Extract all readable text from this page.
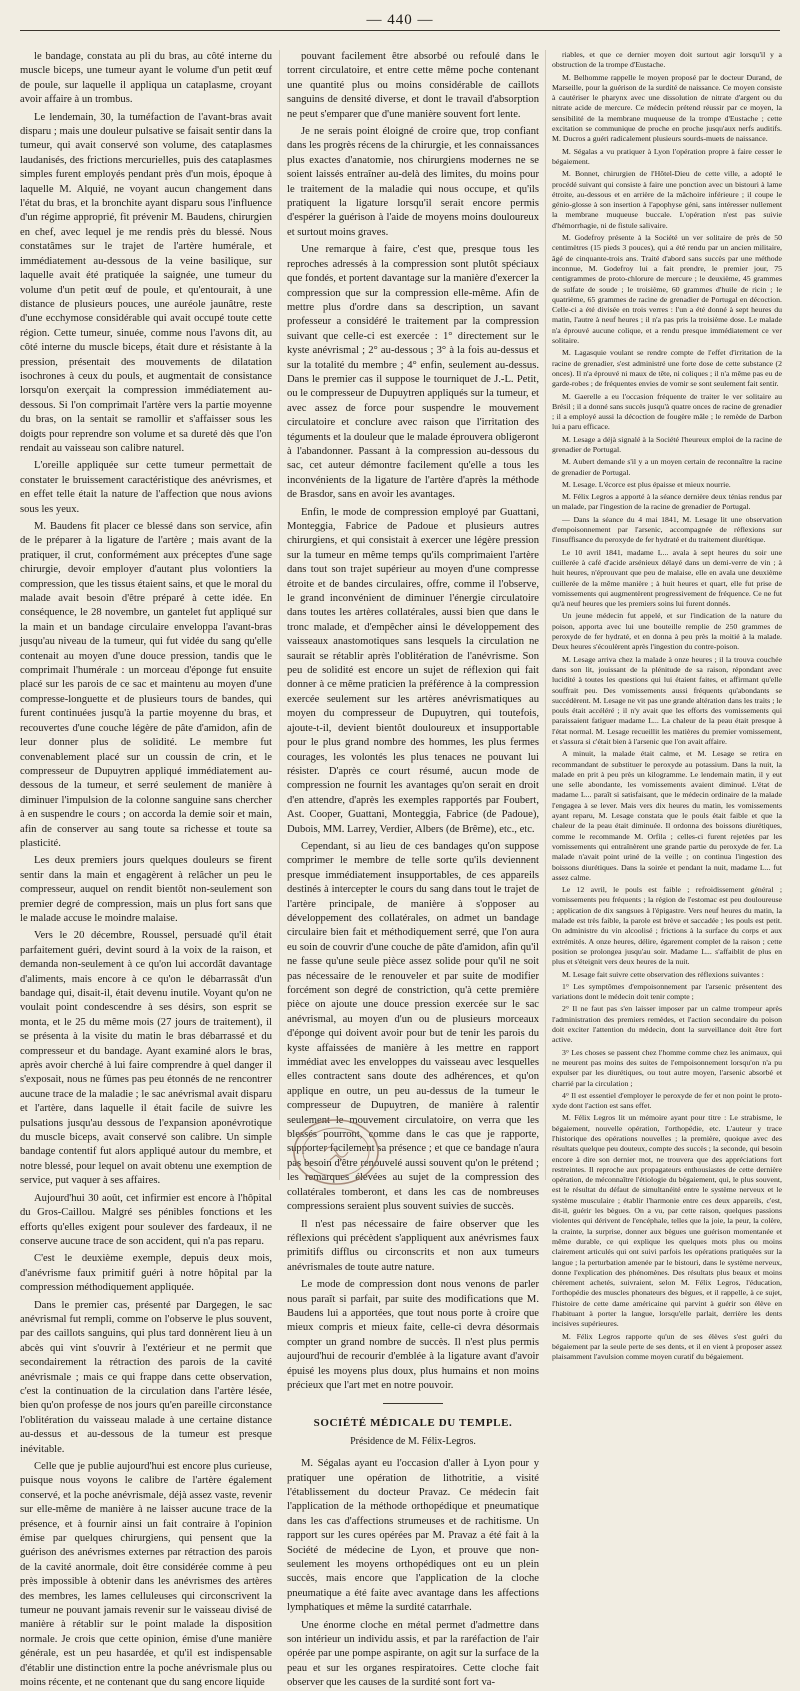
— 440 —

le bandage, constata au pli du bras, au côté interne du muscle biceps, une tumeur ayant le volume d'un petit œuf de poule, sur laquelle il appliqua un cataplasme, croyant avoir affaire à un trombus.

Le lendemain, 30, la tuméfaction de l'avant-bras avait disparu ; mais une douleur pulsative se faisait sentir dans la tumeur, qui avait conservé son volume, des cataplasmes laudanisés, des frictions mercurielles, puis des cataplasmes simples furent employés pendant près d'un mois, époque à laquelle M. Alquié, ne voyant aucun changement dans l'état du bras, et la bronchite ayant disparu sous l'influence d'un régime approprié, fit prévenir M. Baudens, chirurgien en chef, avec lequel je me rendis près du blessé. Nous constatâmes sur le trajet de l'artère humérale, et immédiatement au-dessous de la veine basilique, sur laquelle avait été pratiquée la saignée, une tumeur du volume d'un petit œuf de poule, et qu'entourait, à une distance de plusieurs pouces, une auréole jaunâtre, reste d'une ecchymose considérable qui avait occupé toute cette région. Cette tumeur, sinuée, comme nous l'avons dit, au côté interne du muscle biceps, était dure et résistante à la pression, présentait des mouvements de dilatation isochrones à ceux du pouls, et augmentait de consistance lorsqu'on exerçait la compression immédiatement au-dessous. Si l'on comprimait l'artère vers la partie moyenne du bras, on la sentait se ramollir et s'affaisser sous les doigts pour reprendre son volume et sa dureté dès que l'on rendait au vaisseau son calibre naturel.

L'oreille appliquée sur cette tumeur permettait de constater le bruissement caractéristique des anévrismes, et en effet telle était la nature de l'affection que nous avions sous les yeux.

M. Baudens fit placer ce blessé dans son service, afin de le préparer à la ligature de l'artère ; mais avant de la pratiquer, il crut, conformément aux préceptes d'une sage chirurgie, devoir employer d'autant plus volontiers la compression, que les tissus étaient sains, et que le moral du malade avait besoin d'être préparé à cette idée. En conséquence, le 28 novembre, un gantelet fut appliqué sur la main et un bandage circulaire enveloppa l'avant-bras jusqu'au niveau de la tumeur, qui fut vidée du sang qu'elle contenait au moyen d'une douce pression, tandis que le comprimait l'humérale : un morceau d'éponge fut ensuite placé sur les parois de ce sac et maintenu au moyen d'une compresse-longuette et de plusieurs tours de bandes, qui furent continuées jusqu'à la partie moyenne du bras, et recouvertes d'une couche légère de pâte d'amidon, afin de leur donner plus de solidité. Le membre fut convenablement placé sur un coussin de crin, et le compresseur de Dupuytren appliqué immédiatement au-dessous de la tumeur, et serré seulement de manière à diminuer l'impulsion de la colonne sanguine sans chercher à en suspendre le cours ; on accorda la demie soir et main, afin de conserver au sang toute sa richesse et toute sa plasticité.

Les deux premiers jours quelques douleurs se firent sentir dans la main et engagèrent à relâcher un peu le compresseur, auquel on rendit bientôt non-seulement son premier degré de compression, mais un plus fort sans que le malade accuse le moindre malaise.

Vers le 20 décembre, Roussel, persuadé qu'il était parfaitement guéri, devint sourd à la voix de la raison, et demanda non-seulement à ce qu'on lui accordât davantage d'aliments, mais encore à ce qu'on le débarrassât d'un bandage qui, disait-il, était devenu inutile. Voyant qu'on ne voulait point condescendre à ses désirs, son esprit se monta, et le 25 du même mois (27 jours de traitement), il se présenta à la visite du matin le bras débarrassé et du compresseur et du bandage. Ayant examiné alors le bras, après avoir cherché à lui faire comprendre à quel danger il s'exposait, nous ne fûmes pas peu étonnés de ne rencontrer aucune trace de la maladie ; le sac anévrismal avait disparu et l'artère, dans laquelle il était facile de suivre les pulsations jusqu'au dessous de l'expansion aponévrotique du muscle biceps, avait conservé son calibre. Un simple bandage contentif fut alors appliqué autour du membre, et notre blessé, pour lequel on avait obtenu une exemption de service, put vaquer à ses affaires.

Aujourd'hui 30 août, cet infirmier est encore à l'hôpital du Gros-Caillou. Malgré ses pénibles fonctions et les efforts qu'elles exigent pour soulever des fardeaux, il ne conserve aucune trace de son accident, qui n'a pas reparu.

C'est le deuxième exemple, depuis deux mois, d'anévrisme faux primitif guéri à notre hôpital par la compression méthodiquement appliquée.

Dans le premier cas, présenté par Dargegen, le sac anévrismal fut rempli, comme on l'observe le plus souvent, par des caillots sanguins, qui plus tard donnèrent lieu à un abcès qui vint s'ouvrir à l'extérieur et ne permit que secondairement la rétraction des parois de la cavité anévrismale ; mais ce qui frappe dans cette observation, c'est la continuation de la circulation dans l'artère lésée, bien qu'on profesșe de nos jours qu'en pareille circonstance l'oblitération du vaisseau malade à une certaine distance au-dessus et au-dessous de la tumeur est presque inévitable.

Celle que je publie aujourd'hui est encore plus curieuse, puisque nous voyons le calibre de l'artère également conservé, et la poche anévrismale, déjà assez vaste, revenir sur elle-même de manière à ne laisser aucune trace de la présence, et à fournir ainsi un fait contraire à l'opinion émise par quelques chirurgiens, qui pensent que la guérison des anévrismes externes par rétraction des parois de la cavité anormale, doit être considérée comme à peu près impossible à obtenir dans les anévrismes des artères des membres, les lames celluleuses qui circonscrivent la tumeur ne pouvant jamais revenir sur le vaisseau divisé de manière à rétablir sur le point malade la disposition normale. Je crois que cette opinion, émise d'une manière générale, est un peu hasardée, et qu'il est indispensable d'établir une distinction entre la poche anévrismale plus ou moins récente, et ne contenant que du sang encore liquide

pouvant facilement être absorbé ou refoulé dans le torrent circulatoire, et entre cette même poche contenant une quantité plus ou moins considérable de caillots sanguins de densité diverse, et dont le travail d'absorption ne peut s'emparer que d'une manière souvent fort lente.

Je ne serais point éloigné de croire que, trop confiant dans les progrès récens de la chirurgie, et les connaissances plus exactes d'anatomie, nos chirurgiens modernes ne se soient laissés entraîner au-delà des limites, du moins pour le traitement de la maladie qui nous occupe, et qu'ils pratiquent la ligature lorsqu'il serait encore permis d'espérer la guérison à l'aide de moyens moins douloureux et surtout moins graves.

Une remarque à faire, c'est que, presque tous les reproches adressés à la compression sont plutôt spéciaux que fondés, et portent davantage sur la manière d'exercer la compression que sur la compression elle-même. Afin de mettre plus d'ordre dans sa description, un savant professeur a considéré le traitement par la compression suivant que celle-ci est exercée : 1° directement sur le kyste anévrismal ; 2° au-dessous ; 3° à la fois au-dessus et sur la totalité du membre ; 4° enfin, seulement au-dessus. Dans le premier cas il suppose le tourniquet de J.-L. Petit, ou le compresseur de Dupuytren appliqués sur la tumeur, et avec assez de force pour suspendre le mouvement circulatoire et conclure avec raison que l'irritation des téguments et la douleur que le malade éprouvera obligeront à l'abandonner. Passant à la compression au-dessous du sac, cet auteur démontre facilement qu'elle a tous les inconvénients de la ligature de l'artère d'après la méthode de Brasdor, sans en avoir les avantages.

Enfin, le mode de compression employé par Guattani, Monteggia, Fabrice de Padoue et plusieurs autres chirurgiens, et qui consistait à exercer une légère pression sur la tumeur en même temps qu'ils comprimaient l'artère dans tout son trajet supérieur au moyen d'une compresse étroite et de bandes circulaires, offre, comme il l'observe, le grand inconvénient de diminuer l'énergie circulatoire dans toutes les artères collatérales, aussi bien que dans le tronc malade, et d'empêcher ainsi le développement des vaisseaux anastomotiques sans lesquels la circulation ne saurait se rétablir après l'oblitération de l'anévrisme. Son peu de solidité est encore un sujet de réflexion qui fait donner à ce même praticien la préférence à la compression exercée seulement sur les artères anévrismatiques au moyen du compresseur de Dupuytren, qui toutefois, ajoute-t-il, devient bientôt douloureux et insupportable pour le plus grand nombre des hommes, les plus fermes courages, les volontés les plus tenaces ne pouvant lui résister. D'après ce court résumé, aucun mode de compression ne fournit les avantages qu'on serait en droit d'en attendre, d'après les exemples rapportés par Foubert, Ast. Cooper, Guattani, Monteggia, Fabrice (de Padoue), Dubois, MM. Larrey, Verdier, Albers (de Brême), etc., etc.

Cependant, si au lieu de ces bandages qu'on suppose comprimer le membre de telle sorte qu'ils deviennent presque immédiatement insupportables, de ces appareils destinés à intercepter le cours du sang dans tout le trajet de l'artère principale, de manière à s'opposer au développement des collatérales, on admet un bandage circulaire bien fait et méthodiquement serré, que l'on aura eu soin de couvrir d'une couche de pâte d'amidon, afin qu'il ne fasse qu'une seule pièce assez solide pour qu'il ne soit pas nécessaire de le renouveler et par suite de modifier forcément son degré de constriction, qu'à cette première pièce on ajoute une douce pression exercée sur le sac anévrismal, au moyen d'un ou de plusieurs morceaux d'éponge qui doivent avoir pour but de tenir les parois du kyste affaissées de manière à les mettre en rapport immédiat avec les enveloppes du vaisseau avec lesquelles elles contractent sans doute des adhérences, et qu'on applique en outre, un peu au-dessus de la tumeur le compresseur de Dupuytren, de manière à ralentir seulement le mouvement circulatoire, on verra que les blessés pourront, comme dans le cas que je rapporte, supporter facilement sa présence ; et que ce bandage n'aura pas besoin d'être renouvelé aussi souvent qu'on le prétend ; les remarques élevées au sujet de la compression des collatérales tomberont, et dans les cas de nombreuses compressions seraient plus souvent suivies de succès.

Il n'est pas nécessaire de faire observer que les réflexions qui précèdent s'appliquent aux anévrismes faux primitifs difflus ou circonscrits et non aux tumeurs anévrismales de toute autre nature.

Le mode de compression dont nous venons de parler nous paraît si parfait, par suite des modifications que M. Baudens lui a apportées, que tout nous porte à croire que mieux compris et mieux faite, celle-ci devra désormais compter un grand nombre de succès. Il n'est plus permis aujourd'hui de recourir d'emblée à la ligature avant d'avoir épuisé les moyens plus doux, plus humains et non moins précieux que l'art met en notre pouvoir.

SOCIÉTÉ MÉDICALE DU TEMPLE.
Présidence de M. Félix-Legros.

M. Ségalas ayant eu l'occasion d'aller à Lyon pour y pratiquer une opération de lithotritie, a visité l'établissement du docteur Pravaz. Ce médecin fait l'application de la méthode orthopédique et pneumatique dans les cas d'affections strumeuses et de rachitisme. Un rapport sur les cures opérées par M. Pravaz a été fait à la Société de médecine de Lyon, et prouve que non-seulement les moyens orthopédiques ont eu un plein succès, mais encore que l'application de la cloche pneumatique a été faite avec avantage dans les affections lymphatiques et même la surdité catarrhale.

Une énorme cloche en métal permet d'admettre dans son intérieur un individu assis, et par la raréfaction de l'air opérée par une pompe aspirante, on agit sur la surface de la peau et sur les organes respiratoires. Cette cloche fait observer que les causes de la surdité sont fort va-

riables, et que ce dernier moyen doit surtout agir lorsqu'il y a obstruction de la trompe d'Eustache.

M. Belhomme rappelle le moyen proposé par le docteur Durand, de Marseille, pour la guérison de la surdité de naissance. Ce moyen consiste à cautériser le pharynx avec une dissolution de nitrate d'argent ou du nitrate acide de mercure. Ce médecin prétend réussir par ce moyen, la sensibilité de la membrane muqueuse de la trompe d'Eustache ; cette excitation se communique de proche en proche jusqu'aux nerfs auditifs. M. Ducros a guéri radicalement plusieurs sourds-muets de naissance.

M. Ségalas a vu pratiquer à Lyon l'opération propre à faire cesser le bégaiement.

M. Bonnet, chirurgien de l'Hôtel-Dieu de cette ville, a adopté le procédé suivant qui consiste à faire une ponction avec un bistouri à lame étroite, au-dessous et en arrière de la mâchoire inférieure ; il coupe le génio-glosse à son insertion à l'apophyse géni, sans intéresser nullement la membrane muqueuse buccale. L'opération n'est pas suivie d'hémorrhagie, ni de fistule salivaire.

M. Godefroy présente à la Société un ver solitaire de près de 50 centimètres (15 pieds 3 pouces), qui a été rendu par un ancien militaire, âgé de cinquante-trois ans. Traité d'abord sans succès par une méthode inconnue, M. Godefroy lui a fait prendre, le premier jour, 75 centigrammes de proto-chlorure de mercure ; le deuxième, 45 grammes de sulfate de soude ; le troisième, 60 grammes d'huile de ricin ; le quatrième, 65 grammes de racine de grenadier de Portugal en décoction. Celle-ci a été divisée en trois verres : l'un a été donné à sept heures du matin, l'autre à neuf heures ; il n'a pas pris la troisième dose. Le malade n'a éprouvé aucune colique, et a rendu presque immédiatement ce ver solitaire.

M. Lagasquie voulant se rendre compte de l'effet d'irritation de la racine de grenadier, s'est administré une forte dose de cette substance (2 onces). Il n'a éprouvé ni maux de tête, ni coliques ; il n'a même pas eu de garde-robes ; de fréquentes envies de vomir se sont seulement fait sentir.

M. Gaerelle a eu l'occasion fréquente de traiter le ver solitaire au Brésil ; il a donné sans succès jusqu'à quatre onces de racine de grenadier ; il a employé aussi la décoction de fougère mâle ; le remède de Darbon lui a paru efficace.

M. Lesage a déjà signalé à la Société l'heureux emploi de la racine de grenadier de Portugal.

M. Aubert demande s'il y a un moyen certain de reconnaître la racine de grenadier de Portugal.

M. Lesage. L'écorce est plus épaisse et mieux nourrie.

M. Félix Legros a apporté à la séance dernière deux ténias rendus par un malade, par l'ingestion de la racine de grenadier de Portugal.

— Dans la séance du 4 mai 1841, M. Lesage lit une observation d'empoisonnement par l'arsenic, accompagnée de réflexions sur l'insuffisance du peroxyde de fer hydraté et du traitement diurétique.

Le 10 avril 1841, madame L... avala à sept heures du soir une cuillerée à café d'acide arsénieux délayé dans un demi-verre de vin ; à huit heures, n'éprouvant que peu de malaise, elle en avala une deuxième cuillerée de la même manière ; à huit heures et quart, elle fut prise de vomissements qui augmentèrent progressivement de fréquence. Ce ne fut qu'à neuf heures que les premiers soins lui furent donnés.

Un jeune médecin fut appelé, et sur l'indication de la nature du poison, apporta avec lui une bouteille remplie de 250 grammes de peroxyde de fer hydraté, et en donna à peu près la moitié à la malade. Deux heures s'écoulèrent après l'ingestion du contre-poison.

M. Lesage arriva chez la malade à onze heures ; il la trouva couchée dans son lit, jouissant de la plénitude de sa raison, répondant avec lucidité à toutes les questions qui lui étaient faites, et affirmant qu'elle souffrait peu. Des vomissements aussi fréquents qu'abondants se succédèrent. M. Lesage ne vit pas une grande altération dans les traits ; le pouls était accéléré ; il n'y avait que les efforts des vomissements qui paraissaient fatiguer madame L... La chaleur de la peau était presque à l'état normal. M. Lesage recueillit les matières du premier vomissement, et s'assura si c'était bien à l'arsenic que l'on avait affaire.

A minuit, la malade était calme, et M. Lesage se retira en recommandant de substituer le peroxyde au potassium. Dans la nuit, la malade en prit à peu près un kilogramme. Le lendemain matin, il y eut une selle abondante, les vomissements avaient diminué. L'état de madame L... paraît si satisfaisant, que le médecin ordinaire de la malade l'engagea à se lever. Mais vers dix heures du matin, les vomissements ayant reparu, M. Lesage constata que le pouls était faible et que la chaleur de la peau était diminuée. Il ordonna des boissons diurétiques, comme le recommande M. Orfila ; celles-ci furent rejetées par les vomissements qui entraînèrent une grande partie du peroxyde de fer. La malade n'avait point uriné de la veille ; on continua l'ingestion des boissons diurétiques. Dans la soirée et pendant la nuit, madame L... fut assez calme.

Le 12 avril, le pouls est faible ; refroidissement général ; vomissements peu fréquents ; la région de l'estomac est peu douloureuse ; application de dix sangsues à l'épigastre. Vers neuf heures du matin, la malade est très faible, la parole est brève et saccadée ; les pouls est petit. On administre du vin alcoolisé ; frictions à la surface du corps et aux extrémités. A onze heures, délire, égarement complet de la raison ; cette position se prolongea jusqu'au soir. Madame L... s'affaiblit de plus en plus et s'éteignit vers deux heures de la nuit.

M. Lesage fait suivre cette observation des réflexions suivantes :

1° Les symptômes d'empoisonnement par l'arsenic présentent des variations dont le médecin doit tenir compte ;

2° Il ne faut pas s'en laisser imposer par un calme trompeur après l'administration des premiers remèdes, et l'action secondaire du poison doit exciter l'attention du médecin, dont la surveillance doit être fort active.

3° Les choses se passent chez l'homme comme chez les animaux, qui ne meurent pas moins des suites de l'empoisonnement lorsqu'on n'a pu expulser par les diurétiques, ou tout autre moyen, l'arsenic absorbé et charrié par la circulation ;

4° Il est essentiel d'employer le peroxyde de fer et non point le proto-xyde dont l'action est sans effet.

M. Félix Legros lit un mémoire ayant pour titre : Le strabisme, le bégaiement, nouvelle opération, l'orthopédie, etc. L'auteur y trace l'historique des opérations nouvelles ; la première, quoique avec des résultats quelque peu douteux, compte des succès ; la seconde, qui besoin encore à dire son dernier mot, ne trouvera que des appréciations fort restreintes. Il reproche aux propagateurs enthousiastes de cette dernière opération, de méconnaître l'étiologie du bégaiement, qui, le plus souvent, est le résultat du défaut de simultanéité entre le système nerveux et le système musculaire ; établir l'harmonie entre ces deux appareils, c'est, dit-il, guérir les bègues. On a vu, par cette raison, quelques passions violentes qui dérivent de l'encéphale, telles que la joie, la peur, la colère, la crainte, la surprise, donner aux bègues une guérison momentanée et même durable, ce qui explique les quelques mots plus ou moins clairement articulés qui ont suivi parfois les opérations pratiquées sur la langue ; la perturbation amenée par le bistouri, dans le système nerveux, donne l'explication des phénomènes. Des résultats plus beaux et moins chèrement achetés, suivraient, selon M. Félix Legros, l'éducation, l'orthopédie des muscles phonateurs des bègues, et il rappelle, à ce sujet, l'histoire de cette dame américaine qui parvint à guérir son élève en l'habituant à porter la langue, lorsqu'elle parlait, derrière les dents incisives supérieures.

M. Félix Legros rapporte qu'un de ses élèves s'est guéri du bégaiement par la seule perte de ses dents, et il en vient à proposer assez plaisamment l'avulsion comme moyen curatif du bégaiement.
